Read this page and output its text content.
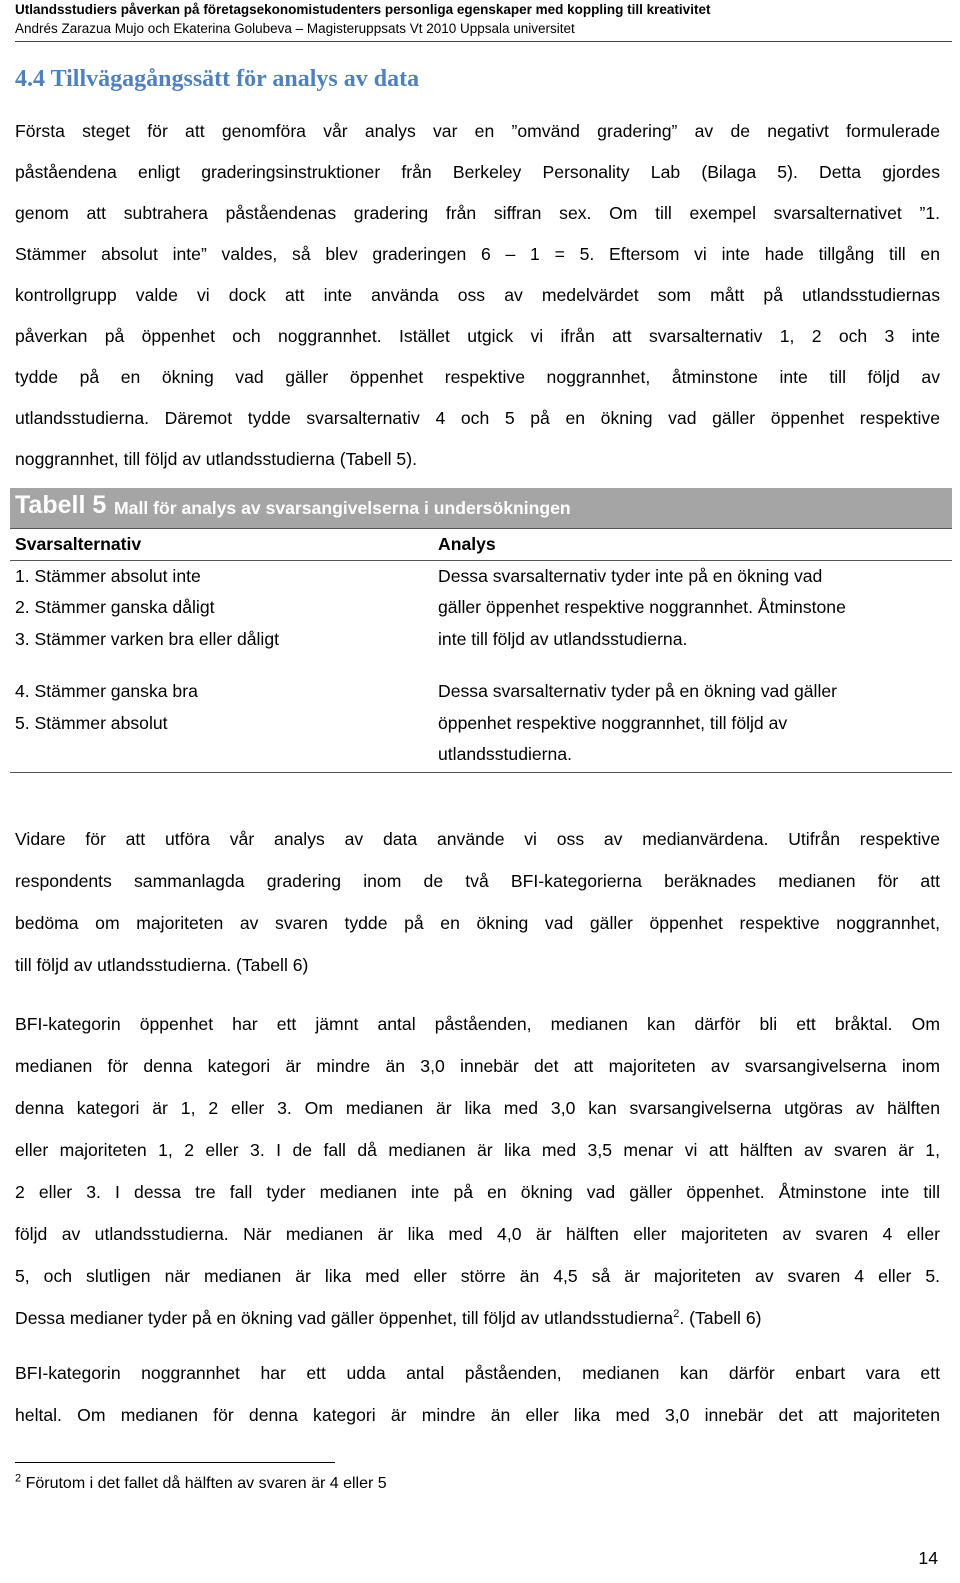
Utlandsstudiers påverkan på företagsekonomistudenters personliga egenskaper med koppling till kreativitet
Andrés Zarazua Mujo och Ekaterina Golubeva – Magisteruppsats Vt 2010 Uppsala universitet
4.4 Tillvägagångssätt för analys av data
Första steget för att genomföra vår analys var en ”omvänd gradering” av de negativt formulerade
påståendena enligt graderingsinstruktioner från Berkeley Personality Lab (Bilaga 5). Detta gjordes
genom att subtrahera påståendenas gradering från siffran sex. Om till exempel svarsalternativet ”1.
Stämmer absolut inte” valdes, så blev graderingen 6 – 1 = 5. Eftersom vi inte hade tillgång till en
kontrollgrupp valde vi dock att inte använda oss av medelvärdet som mått på utlandsstudiernas
påverkan på öppenhet och noggrannhet. Istället utgick vi ifrån att svarsalternativ 1, 2 och 3 inte
tydde på en ökning vad gäller öppenhet respektive noggrannhet, åtminstone inte till följd av
utlandsstudierna. Däremot tydde svarsalternativ 4 och 5 på en ökning vad gäller öppenhet respektive
noggrannhet, till följd av utlandsstudierna (Tabell 5).
Tabell 5 Mall för analys av svarsangivelserna i undersökningen
Svarsalternativ	Analys
1. Stämmer absolut inte
2. Stämmer ganska dåligt
3. Stämmer varken bra eller dåligt
Dessa svarsalternativ tyder inte på en ökning vad
gäller öppenhet respektive noggrannhet. Åtminstone
inte till följd av utlandsstudierna.
4. Stämmer ganska bra
5. Stämmer absolut
Dessa svarsalternativ tyder på en ökning vad gäller
öppenhet respektive noggrannhet, till följd av
utlandsstudierna.
Vidare för att utföra vår analys av data använde vi oss av medianvärdena. Utifrån respektive
respondents sammanlagda gradering inom de två BFI-kategorierna beräknades medianen för att
bedöma om majoriteten av svaren tydde på en ökning vad gäller öppenhet respektive noggrannhet,
till följd av utlandsstudierna. (Tabell 6)
BFI-kategorin öppenhet har ett jämnt antal påståenden, medianen kan därför bli ett bråktal. Om
medianen för denna kategori är mindre än 3,0 innebär det att majoriteten av svarsangivelserna inom
denna kategori är 1, 2 eller 3. Om medianen är lika med 3,0 kan svarsangivelserna utgöras av hälften
eller majoriteten 1, 2 eller 3. I de fall då medianen är lika med 3,5 menar vi att hälften av svaren är 1,
2 eller 3. I dessa tre fall tyder medianen inte på en ökning vad gäller öppenhet. Åtminstone inte till
följd av utlandsstudierna. När medianen är lika med 4,0 är hälften eller majoriteten av svaren 4 eller
5, och slutligen när medianen är lika med eller större än 4,5 så är majoriteten av svaren 4 eller 5.
Dessa medianer tyder på en ökning vad gäller öppenhet, till följd av utlandsstudierna$^2$. (Tabell 6)
BFI-kategorin noggrannhet har ett udda antal påståenden, medianen kan därför enbart vara ett
heltal. Om medianen för denna kategori är mindre än eller lika med 3,0 innebär det att majoriteten
$^2$ Förutom i det fallet då hälften av svaren är 4 eller 5
14
